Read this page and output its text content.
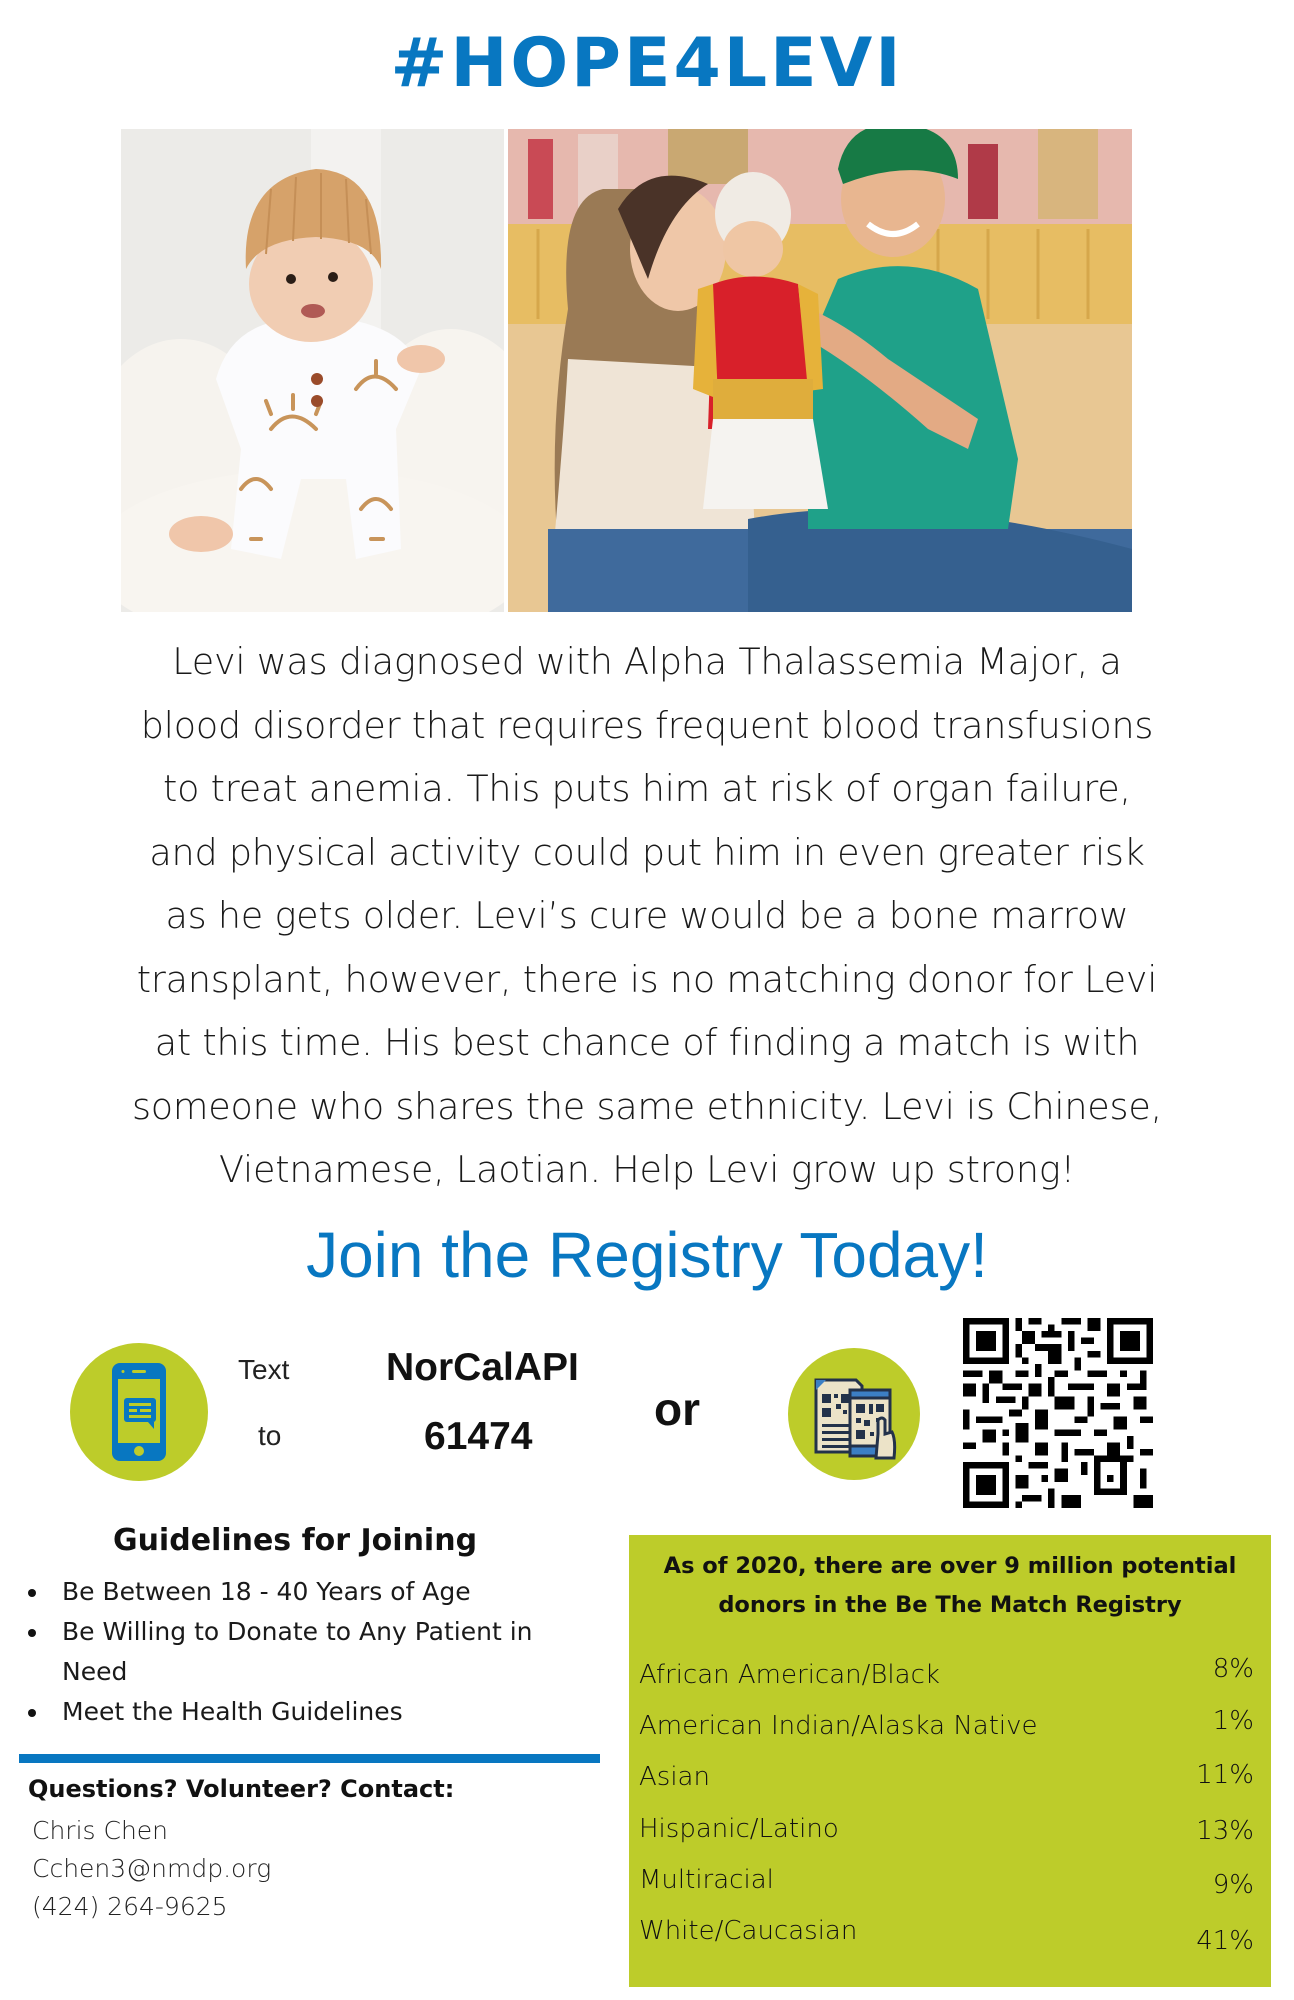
#HOPE4LEVI
Levi was diagnosed with Alpha Thalassemia Major, a
blood disorder that requires frequent blood transfusions
to treat anemia. This puts him at risk of organ failure,
and physical activity could put him in even greater risk
as he gets older. Levi’s cure would be a bone marrow
transplant, however, there is no matching donor for Levi
at this time. His best chance of finding a match is with
someone who shares the same ethnicity. Levi is Chinese,
Vietnamese, Laotian. Help Levi grow up strong!
Join the Registry Today!
Text
to
NorCalAPI
61474
or
Guidelines for Joining
Be Between 18 - 40 Years of Age
Be Willing to Donate to Any Patient in Need
Meet the Health Guidelines
Questions? Volunteer? Contact:
Chris Chen
Cchen3@nmdp.org
(424) 264-9625
As of 2020, there are over 9 million potential
donors in the Be The Match Registry
African American/Black	8%
American Indian/Alaska Native	1%
Asian	11%
Hispanic/Latino	13%
Multiracial	9%
White/Caucasian	41%
